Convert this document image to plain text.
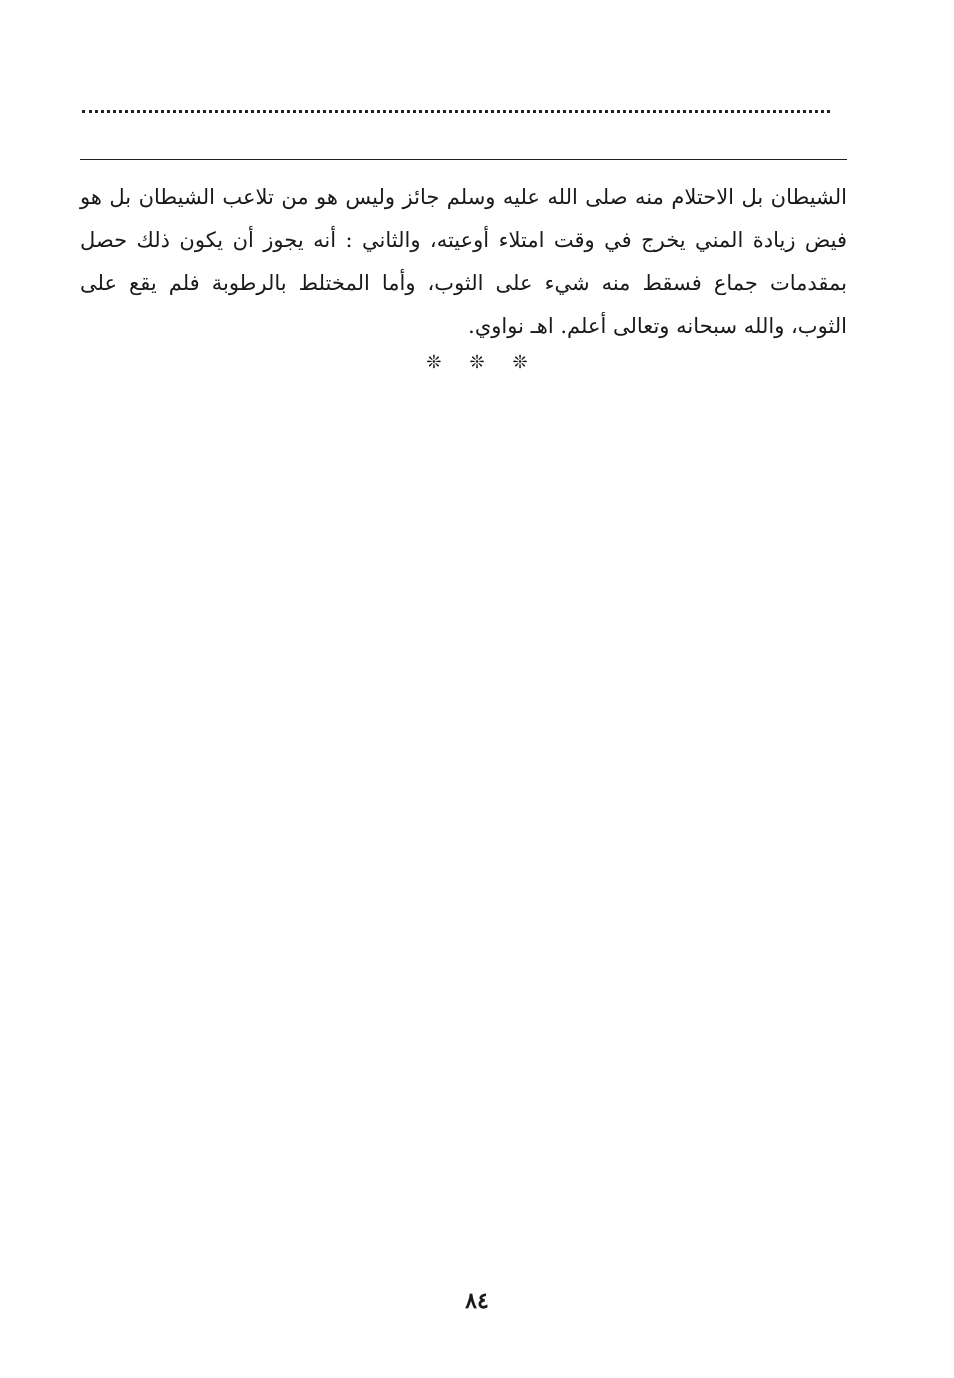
الشيطان بل الاحتلام منه صلى الله عليه وسلم جائز وليس هو من تلاعب الشيطان بل هو
فيض زيادة المني يخرج في وقت امتلاء أوعيته، والثاني : أنه يجوز أن يكون ذلك حصل
بمقدمات جماع فسقط منه شيء على الثوب، وأما المختلط بالرطوبة فلم يقع على
الثوب، والله سبحانه وتعالى أعلم. اهـ نواوي.
❊❊❊
٨٤
